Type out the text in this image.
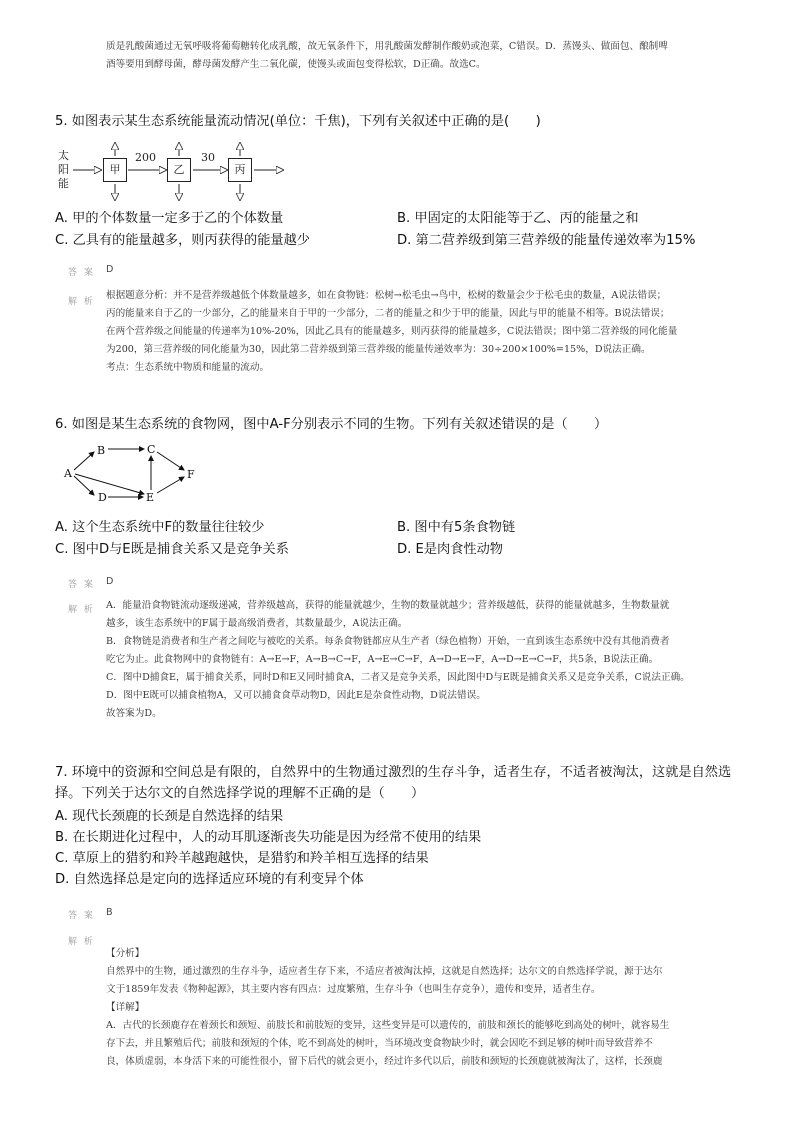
质是乳酸菌通过无氧呼吸将葡萄糖转化成乳酸，故无氧条件下，用乳酸菌发酵制作酸奶或泡菜，C错误。D．蒸馒头、做面包、酿制啤
酒等要用到酵母菌，酵母菌发酵产生二氧化碳，使馒头或面包变得松软，D正确。故选C。
5. 如图表示某生态系统能量流动情况(单位：千焦)，下列有关叙述中正确的是(　　)
太
阳
能
甲	乙	丙
200	30
A. 甲的个体数量一定多于乙的个体数量	B. 甲固定的太阳能等于乙、丙的能量之和
C. 乙具有的能量越多，则丙获得的能量越少	D. 第二营养级到第三营养级的能量传递效率为15%
答 案 D
解 析
根据题意分析：并不是营养级越低个体数量越多，如在食物链：松树→松毛虫→鸟中，松树的数量会少于松毛虫的数量，A说法错误；
丙的能量来自于乙的一少部分，乙的能量来自于甲的一少部分，二者的能量之和少于甲的能量，因此与甲的能量不相等。B说法错误；
在两个营养级之间能量的传递率为10%-20%，因此乙具有的能量越多，则丙获得的能量越多，C说法错误；图中第二营养级的同化能量
为200，第三营养级的同化能量为30，因此第二营养级到第三营养级的能量传递效率为：30÷200×100%=15%，D说法正确。
考点：生态系统中物质和能量的流动。
6. 如图是某生态系统的食物网，图中A-F分别表示不同的生物。下列有关叙述错误的是（　　）
A
B	C
D	E
F
A. 这个生态系统中F的数量往往较少	B. 图中有5条食物链
C. 图中D与E既是捕食关系又是竞争关系	D. E是肉食性动物
答 案 D
解 析 A．能量沿食物链流动逐级递减，营养级越高，获得的能量就越少，生物的数量就越少；营养级越低，获得的能量就越多，生物数量就
越多，该生态系统中的F属于最高级消费者，其数量最少，A说法正确。
B．食物链是消费者和生产者之间吃与被吃的关系。每条食物链都应从生产者（绿色植物）开始，一直到该生态系统中没有其他消费者
吃它为止。此食物网中的食物链有：A→E→F，A→B→C→F，A→E→C→F，A→D→E→F，A→D→E→C→F，共5条，B说法正确。
C．图中D捕食E，属于捕食关系，同时D和E又同时捕食A，二者又是竞争关系，因此图中D与E既是捕食关系又是竞争关系，C说法正确。
D．图中E既可以捕食植物A，又可以捕食食草动物D，因此E是杂食性动物，D说法错误。
故答案为D。
7. 环境中的资源和空间总是有限的，自然界中的生物通过激烈的生存斗争，适者生存，不适者被淘汰，这就是自然选
择。下列关于达尔文的自然选择学说的理解不正确的是（　　）
A. 现代长颈鹿的长颈是自然选择的结果
B. 在长期进化过程中，人的动耳肌逐渐丧失功能是因为经常不使用的结果
C. 草原上的猎豹和羚羊越跑越快，是猎豹和羚羊相互选择的结果
D. 自然选择总是定向的选择适应环境的有利变异个体
答 案 B
解 析
【分析】
自然界中的生物，通过激烈的生存斗争，适应者生存下来，不适应者被淘汰掉，这就是自然选择；达尔文的自然选择学说，源于达尔
文于1859年发表《物种起源》，其主要内容有四点：过度繁殖，生存斗争（也叫生存竞争），遗传和变异，适者生存。
【详解】
A．古代的长颈鹿存在着颈长和颈短、前肢长和前肢短的变异，这些变异是可以遗传的，前肢和颈长的能够吃到高处的树叶，就容易生
存下去，并且繁殖后代；前肢和颈短的个体，吃不到高处的树叶，当环境改变食物缺少时，就会因吃不到足够的树叶而导致营养不
良，体质虚弱，本身活下来的可能性很小，留下后代的就会更小，经过许多代以后，前肢和颈短的长颈鹿就被淘汰了，这样，长颈鹿
